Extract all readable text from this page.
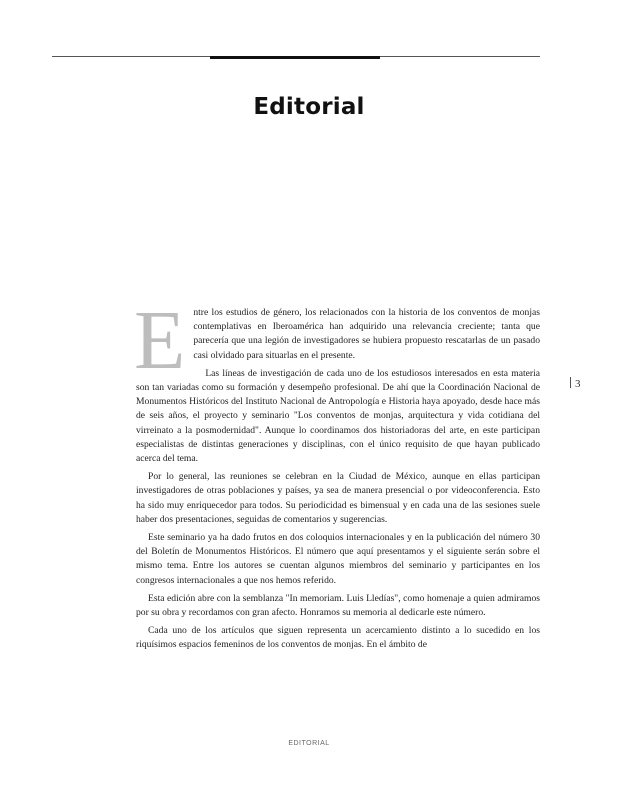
Editorial
3

Entre los estudios de género, los relacionados con la historia de los conventos de monjas contemplativas en Iberoamérica han adquirido una relevancia creciente; tanta que parecería que una legión de investigadores se hubiera propuesto rescatarlas de un pasado casi olvidado para situarlas en el presente.

Las líneas de investigación de cada uno de los estudiosos interesados en esta materia son tan variadas como su formación y desempeño profesional. De ahí que la Coordinación Nacional de Monumentos Históricos del Instituto Nacional de Antropología e Historia haya apoyado, desde hace más de seis años, el proyecto y seminario "Los conventos de monjas, arquitectura y vida cotidiana del virreinato a la posmodernidad". Aunque lo coordinamos dos historiadoras del arte, en este participan especialistas de distintas generaciones y disciplinas, con el único requisito de que hayan publicado acerca del tema.

Por lo general, las reuniones se celebran en la Ciudad de México, aunque en ellas participan investigadores de otras poblaciones y países, ya sea de manera presencial o por videoconferencia. Esto ha sido muy enriquecedor para todos. Su periodicidad es bimensual y en cada una de las sesiones suele haber dos presentaciones, seguidas de comentarios y sugerencias.

Este seminario ya ha dado frutos en dos coloquios internacionales y en la publicación del número 30 del Boletín de Monumentos Históricos. El número que aquí presentamos y el siguiente serán sobre el mismo tema. Entre los autores se cuentan algunos miembros del seminario y participantes en los congresos internacionales a que nos hemos referido.

Esta edición abre con la semblanza "In memoriam. Luis Lledías", como homenaje a quien admiramos por su obra y recordamos con gran afecto. Honramos su memoria al dedicarle este número.

Cada uno de los artículos que siguen representa un acercamiento distinto a lo sucedido en los riquísimos espacios femeninos de los conventos de monjas. En el ámbito de

EDITORIAL
